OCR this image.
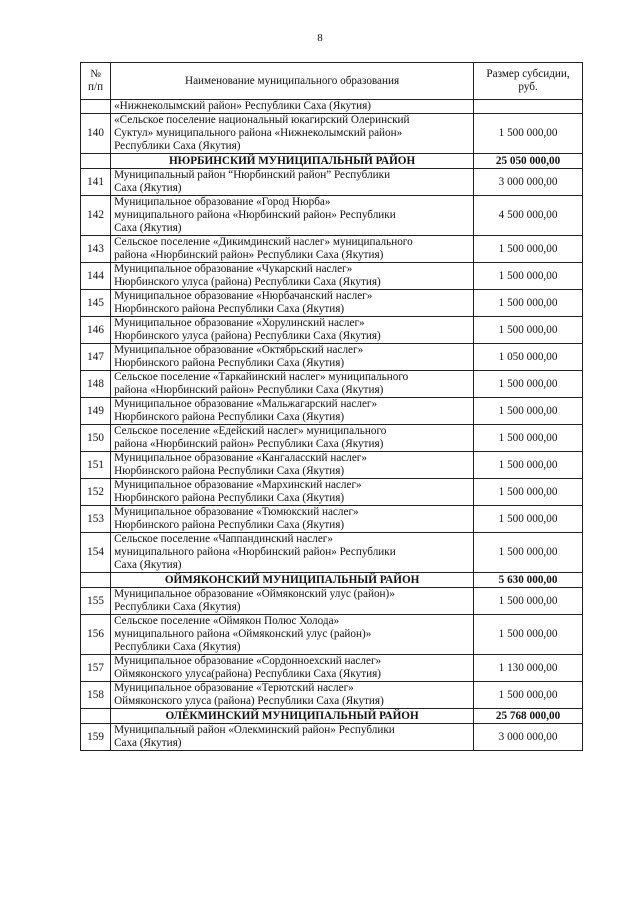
8
№
п/п	Наименование муниципального образования	Размер субсидии,
руб.

	«Нижнеколымский район» Республики Саха (Якутия)	

140	«Сельское поселение национальный юкагирский Олеринский
Суктул» муниципального района «Нижнеколымский район»
Республики Саха (Якутия)	1 500 000,00

	НЮРБИНСКИЙ МУНИЦИПАЛЬНЫЙ РАЙОН	25 050 000,00
141	Муниципальный район “Нюрбинский район” Республики
Саха (Якутия)	3 000 000,00
142	Муниципальное образование «Город Нюрба»
муниципального района «Нюрбинский район» Республики
Саха (Якутия)	4 500 000,00
143	Сельское поселение «Дикимдинский наслег» муниципального
района «Нюрбинский район» Республики Саха (Якутия)	1 500 000,00
144	Муниципальное образование «Чукарский наслег»
Нюрбинского улуса (района) Республики Саха (Якутия)	1 500 000,00
145	Муниципальное образование «Нюрбачанский наслег»
Нюрбинского района Республики Саха (Якутия)	1 500 000,00
146	Муниципальное образование «Хорулинский наслег»
Нюрбинского улуса (района) Республики Саха (Якутия)	1 500 000,00
147	Муниципальное образование «Октябрьский наслег»
Нюрбинского района Республики Саха (Якутия)	1 050 000,00
148	Сельское поселение «Таркайинский наслег» муниципального
района «Нюрбинский район» Республики Саха (Якутия)	1 500 000,00
149	Муниципальное образование «Мальжагарский наслег»
Нюрбинского района Республики Саха (Якутия)	1 500 000,00
150	Сельское поселение «Едейский наслег» муниципального
района «Нюрбинский район» Республики Саха (Якутия)	1 500 000,00
151	Муниципальное образование «Кангаласский наслег»
Нюрбинского района Республики Саха (Якутия)	1 500 000,00
152	Муниципальное образование «Мархинский наслег»
Нюрбинского района Республики Саха (Якутия)	1 500 000,00
153	Муниципальное образование «Тюмюкский наслег»
Нюрбинского района Республики Саха (Якутия)	1 500 000,00
154	Сельское поселение «Чаппандинский наслег»
муниципального района «Нюрбинский район» Республики
Саха (Якутия)	1 500 000,00

	ОЙМЯКОНСКИЙ МУНИЦИПАЛЬНЫЙ РАЙОН	5 630 000,00
155	Муниципальное образование «Оймяконский улус (район)»
Республики Саха (Якутия)	1 500 000,00
156	Сельское поселение «Оймякон Полюс Холода»
муниципального района «Оймяконский улус (район)»
Республики Саха (Якутия)	1 500 000,00
157	Муниципальное образование «Сордонноехский наслег»
Оймяконского улуса(района) Республики Саха (Якутия)	1 130 000,00
158	Муниципальное образование «Терютский наслег»
Оймяконского улуса (района) Республики Саха (Якутия)	1 500 000,00

	ОЛЁКМИНСКИЙ МУНИЦИПАЛЬНЫЙ РАЙОН	25 768 000,00
159	Муниципальный район «Олекминский район» Республики
Саха (Якутия)	3 000 000,00
